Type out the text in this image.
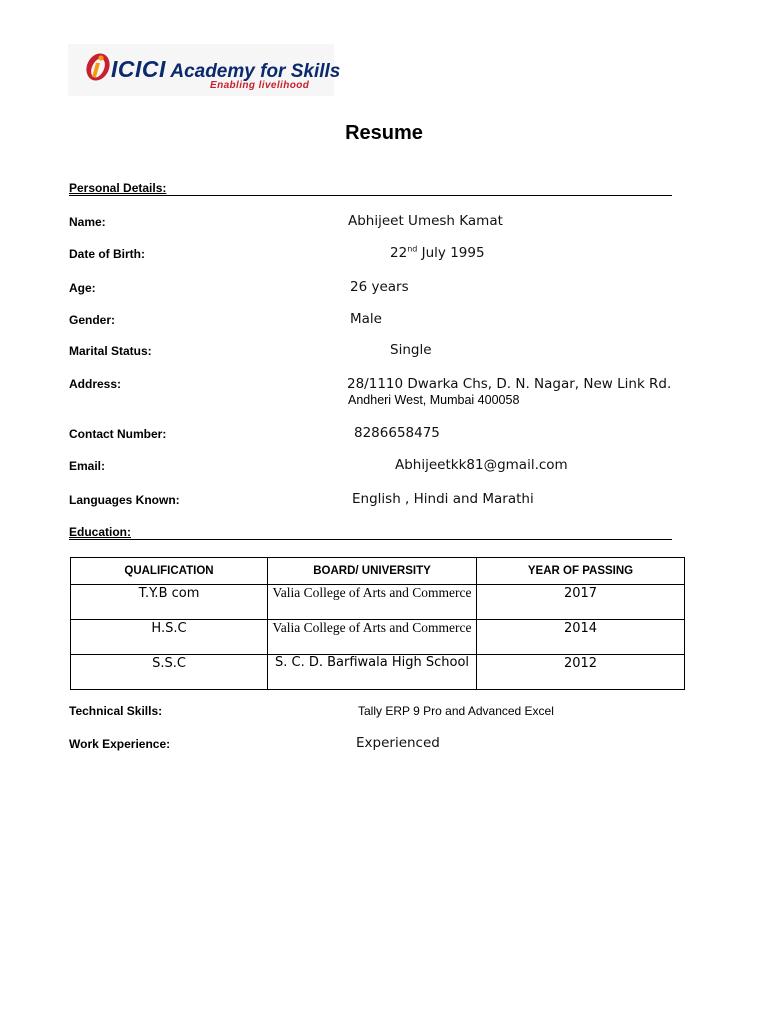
ICICI Academy for Skills
Enabling livelihood
Resume
Personal Details:
Name:	Abhijeet Umesh Kamat
Date of Birth:	22nd July 1995
Age:	26 years
Gender:	Male
Marital Status:	Single
Address:	28/1110 Dwarka Chs, D. N. Nagar, New Link Rd.
Andheri West, Mumbai 400058
Contact Number:	8286658475
Email:	Abhijeetkk81@gmail.com
Languages Known:	English , Hindi and Marathi
Education:
QUALIFICATION	BOARD/ UNIVERSITY	YEAR OF PASSING
T.Y.B com	Valia College of Arts and Commerce	2017
H.S.C	Valia College of Arts and Commerce	2014
S.S.C	S. C. D. Barfiwala High School	2012
Technical Skills:	Tally ERP 9 Pro and Advanced Excel
Work Experience:	Experienced
